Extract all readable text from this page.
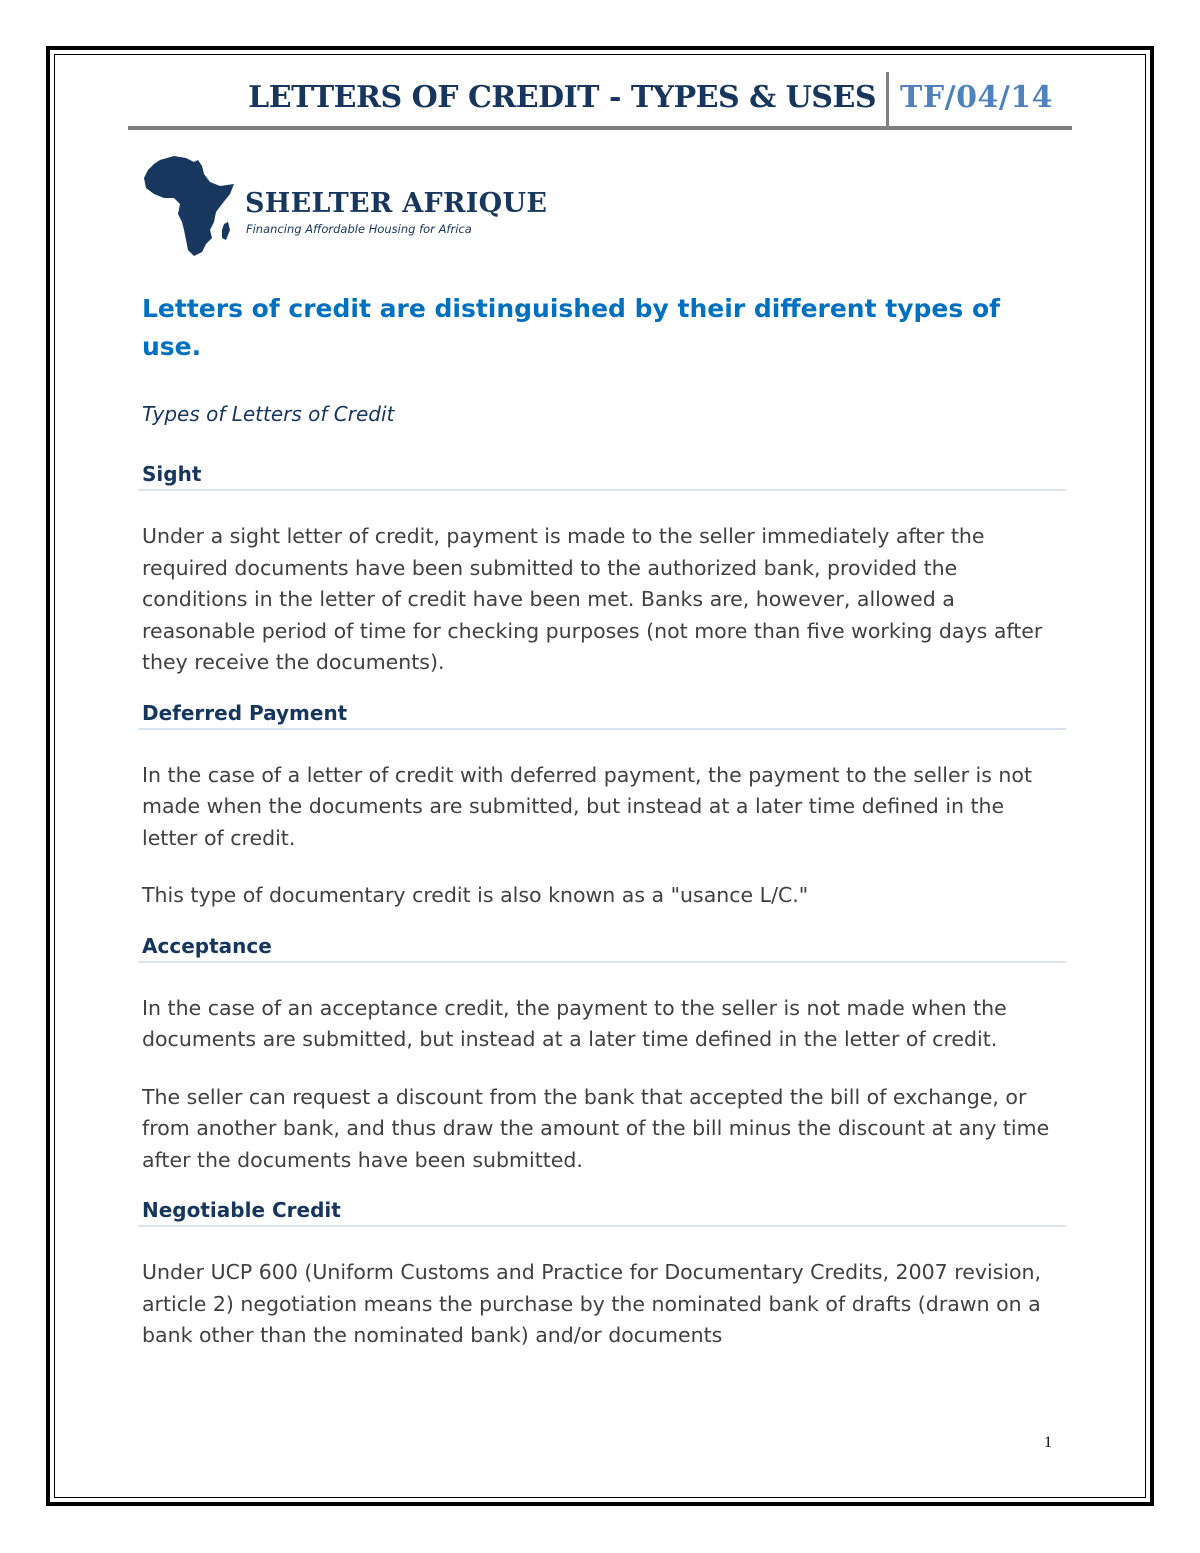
LETTERS OF CREDIT - TYPES & USES TF/04/14
SHELTER AFRIQUE
Financing Affordable Housing for Africa

Letters of credit are distinguished by their different types of use.

Types of Letters of Credit

Sight

Under a sight letter of credit, payment is made to the seller immediately after the required documents have been submitted to the authorized bank, provided the conditions in the letter of credit have been met. Banks are, however, allowed a reasonable period of time for checking purposes (not more than five working days after they receive the documents).

Deferred Payment

In the case of a letter of credit with deferred payment, the payment to the seller is not made when the documents are submitted, but instead at a later time defined in the letter of credit.

This type of documentary credit is also known as a "usance L/C."

Acceptance

In the case of an acceptance credit, the payment to the seller is not made when the documents are submitted, but instead at a later time defined in the letter of credit.

The seller can request a discount from the bank that accepted the bill of exchange, or from another bank, and thus draw the amount of the bill minus the discount at any time after the documents have been submitted.

Negotiable Credit

Under UCP 600 (Uniform Customs and Practice for Documentary Credits, 2007 revision, article 2) negotiation means the purchase by the nominated bank of drafts (drawn on a bank other than the nominated bank) and/or documents

1
